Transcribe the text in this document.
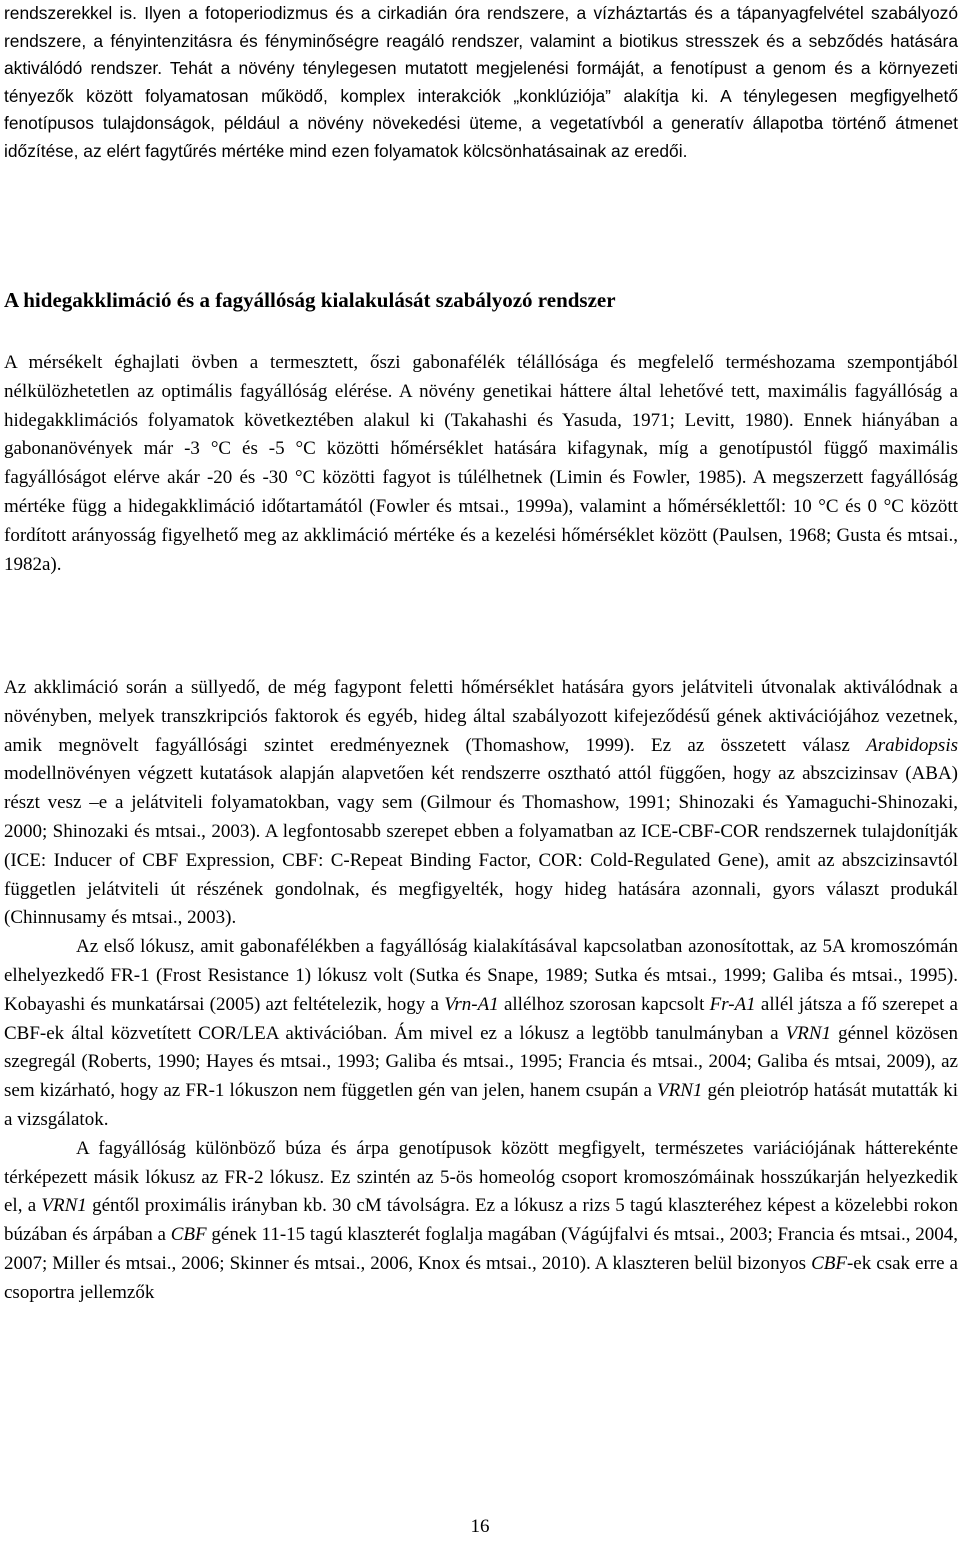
rendszerekkel is. Ilyen a fotoperiodizmus és a cirkadián óra rendszere, a vízháztartás és a tápanyagfelvétel szabályozó rendszere, a fényintenzitásra és fényminőségre reagáló rendszer, valamint a biotikus stresszek és a sebződés hatására aktiválódó rendszer. Tehát a növény ténylegesen mutatott megjelenési formáját, a fenotípust a genom és a környezeti tényezők között folyamatosan működő, komplex interakciók „konklúziója” alakítja ki. A ténylegesen megfigyelhető fenotípusos tulajdonságok, például a növény növekedési üteme, a vegetatívból a generatív állapotba történő átmenet időzítése, az elért fagytűrés mértéke mind ezen folyamatok kölcsönhatásainak az eredői.

A hidegakklimáció és a fagyállóság kialakulását szabályozó rendszer

A mérsékelt éghajlati övben a termesztett, őszi gabonafélék télállósága és megfelelő terméshozama szempontjából nélkülözhetetlen az optimális fagyállóság elérése. A növény genetikai háttere által lehetővé tett, maximális fagyállóság a hidegakklimációs folyamatok következtében alakul ki (Takahashi és Yasuda, 1971; Levitt, 1980). Ennek hiányában a gabonanövények már -3 °C és -5 °C közötti hőmérséklet hatására kifagynak, míg a genotípustól függő maximális fagyállóságot elérve akár -20 és -30 °C közötti fagyot is túlélhetnek (Limin és Fowler, 1985). A megszerzett fagyállóság mértéke függ a hidegakklimáció időtartamától (Fowler és mtsai., 1999a), valamint a hőmérséklettől: 10 °C és 0 °C között fordított arányosság figyelhető meg az akklimáció mértéke és a kezelési hőmérséklet között (Paulsen, 1968; Gusta és mtsai., 1982a).

Az akklimáció során a süllyedő, de még fagypont feletti hőmérséklet hatására gyors jelátviteli útvonalak aktiválódnak a növényben, melyek transzkripciós faktorok és egyéb, hideg által szabályozott kifejeződésű gének aktivációjához vezetnek, amik megnövelt fagyállósági szintet eredményeznek (Thomashow, 1999). Ez az összetett válasz Arabidopsis modellnövényen végzett kutatások alapján alapvetően két rendszerre osztható attól függően, hogy az abszcizinsav (ABA) részt vesz –e a jelátviteli folyamatokban, vagy sem (Gilmour és Thomashow, 1991; Shinozaki és Yamaguchi-Shinozaki, 2000; Shinozaki és mtsai., 2003). A legfontosabb szerepet ebben a folyamatban az ICE-CBF-COR rendszernek tulajdonítják (ICE: Inducer of CBF Expression, CBF: C-Repeat Binding Factor, COR: Cold-Regulated Gene), amit az abszcizinsavtól független jelátviteli út részének gondolnak, és megfigyelték, hogy hideg hatására azonnali, gyors választ produkál (Chinnusamy és mtsai., 2003).

Az első lókusz, amit gabonafélékben a fagyállóság kialakításával kapcsolatban azonosítottak, az 5A kromoszómán elhelyezkedő FR-1 (Frost Resistance 1) lókusz volt (Sutka és Snape, 1989; Sutka és mtsai., 1999; Galiba és mtsai., 1995). Kobayashi és munkatársai (2005) azt feltételezik, hogy a Vrn-A1 allélhoz szorosan kapcsolt Fr-A1 allél játsza a fő szerepet a CBF-ek által közvetített COR/LEA aktivációban. Ám mivel ez a lókusz a legtöbb tanulmányban a VRN1 génnel közösen szegregál (Roberts, 1990; Hayes és mtsai., 1993; Galiba és mtsai., 1995; Francia és mtsai., 2004; Galiba és mtsai, 2009), az sem kizárható, hogy az FR-1 lókuszon nem független gén van jelen, hanem csupán a VRN1 gén pleiotróp hatását mutatták ki a vizsgálatok.

A fagyállóság különböző búza és árpa genotípusok között megfigyelt, természetes variációjának hátterekénte térképezett másik lókusz az FR-2 lókusz. Ez szintén az 5-ös homeológ csoport kromoszómáinak hosszúkarján helyezkedik el, a VRN1 géntől proximális irányban kb. 30 cM távolságra. Ez a lókusz a rizs 5 tagú klaszteréhez képest a közelebbi rokon búzában és árpában a CBF gének 11-15 tagú klaszterét foglalja magában (Vágújfalvi és mtsai., 2003; Francia és mtsai., 2004, 2007; Miller és mtsai., 2006; Skinner és mtsai., 2006, Knox és mtsai., 2010). A klaszteren belül bizonyos CBF-ek csak erre a csoportra jellemzők

16
